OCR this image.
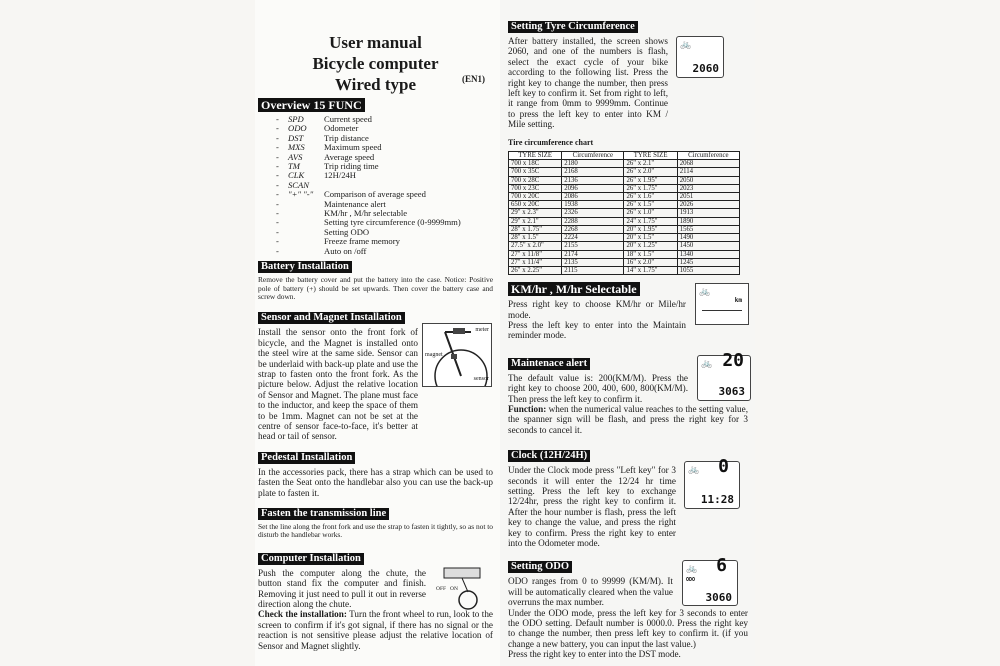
User manual
Bicycle computer
Wired type	(EN1)
Overview 15 FUNC
-	SPD	Current speed
-	ODO	Odometer
-	DST	Trip distance
-	MXS	Maximum speed
-	AVS	Average speed
-	TM	Trip riding time
-	CLK	12H/24H
-	SCAN
-	"+" "-"	Comparison of average speed
-	Maintenance alert
-	KM/hr , M/hr selectable
-	Setting tyre circumference (0-9999mm)
-	Setting ODO
-	Freeze frame memory
-	Auto on /off
Battery Installation

Remove the battery cover and put the battery into the case. Notice: Positive pole of battery (+) should be set upwards. Then cover the battery case and screw down.

Sensor and Magnet Installation

Install the sensor onto the front fork of bicycle, and the Magnet is installed onto the steel wire at the same side. Sensor can be underlaid with back-up plate and use the strap to fasten onto the front fork. As the picture below. Adjust the relative location of Sensor and Magnet. The plane must face to the inductor, and keep the space of them to be 1mm. Magnet can not be set at the centre of sensor face-to-face, it's better at head or tail of sensor.

meter
magnet
sensor
Pedestal Installation

In the accessories pack, there has a strap which can be used to fasten the Seat onto the handlebar also you can use the back-up plate to fasten it.

Fasten the transmission line

Set the line along the front fork and use the strap to fasten it tightly, so as not to disturb the handlebar works.

Computer Installation

Push the computer along the chute, the button stand fix the computer and finish. Removing it just need to pull it out in reverse direction along the chute.

Check the installation: Turn the front wheel to run, look to the screen to confirm if it's got signal, if there has no signal or the reaction is not sensitive please adjust the relative location of Sensor and Magnet slightly.

OFF ON
Setting Tyre Circumference

After battery installed, the screen shows 2060, and one of the numbers is flash, select the exact cycle of your bike according to the following list. Press the right key to change the number, then press left key to confirm it. Set from right to left, it range from 0mm to 9999mm. Continue to press the left key to enter into KM / Mile setting.

🚲
2060
Tire circumference chart
TYRE SIZE	Circumference	TYRE SIZE	Circumference
700 x 18C	2180	26" x 2.1"	2068
700 x 35C	2168	26" x 2.0"	2114
700 x 28C	2136	26" x 1.95"	2050
700 x 23C	2096	26" x 1.75"	2023
700 x 20C	2086	26" x 1.6"	2051
650 x 20C	1938	26" x 1.5"	2026
29" x 2.3"	2326	26" x 1.0"	1913
29" x 2.1"	2288	24" x 1.75"	1890
28" x 1.75"	2268	20" x 1.95"	1565
28" x 1.5"	2224	20" x 1.5"	1490
27.5" x 2.0"	2155	20" x 1.25"	1450
27" x 11/8"	2174	18" x 1.5"	1340
27" x 11/4"	2135	16" x 2.0"	1245
26" x 2.25"	2115	14" x 1.75"	1055
KM/hr , M/hr Selectable

Press right key to choose KM/hr or Mile/hr mode.

Press the left key to enter into the Maintain reminder mode.

🚲
km
Maintenace alert

The default value is: 200(KM/M). Press the right key to choose 200, 400, 600, 800(KM/M). Then press the left key to confirm it.

Function: when the numerical value reaches to the setting value, the spanner sign will be flash, and press the right key for 3 seconds to cancel it.

🚲 20
3063
Clock (12H/24H)

Under the Clock mode press "Left key" for 3 seconds it will enter the 12/24 hr time setting. Press the left key to exchange 12/24hr, press the right key to confirm it. After the hour number is flash, press the left key to change the value, and press the right key to confirm. Press the right key to enter into the Odometer mode.

🚲 0
11:28
Setting ODO

ODO ranges from 0 to 99999 (KM/M). It will be automatically cleared when the value overruns the max number.

Under the ODO mode, press the left key for 3 seconds to enter the ODO setting. Default number is 0000.0. Press the right key to change the number, then press left key to confirm it. (if you change a new battery, you can input the last value.)

Press the right key to enter into the DST mode.

🚲
ODO
6
3060
